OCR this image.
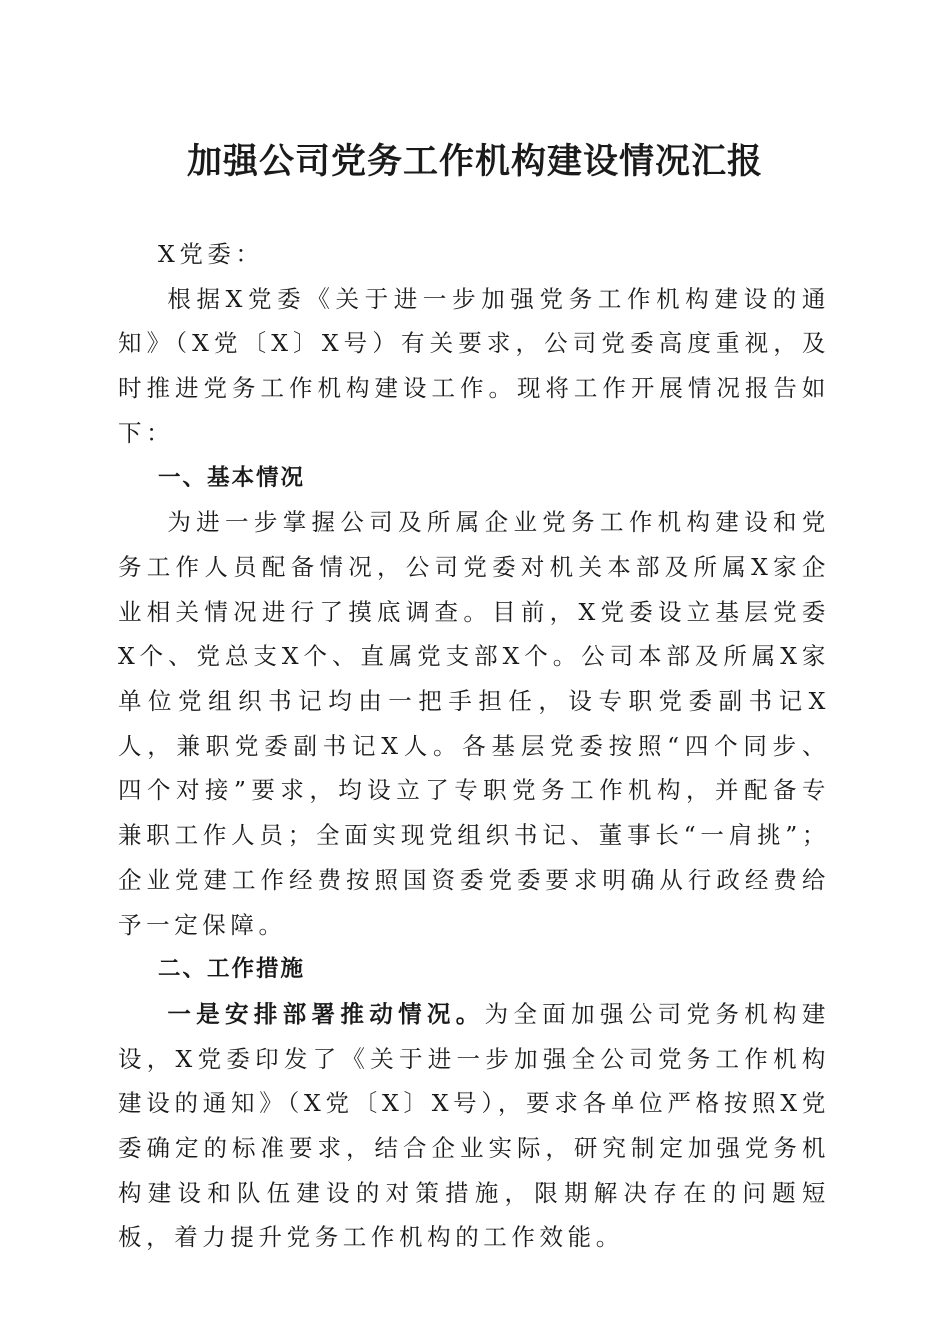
加强公司党务工作机构建设情况汇报

X党委：

根据X党委《关于进一步加强党务工作机构建设的通知》（X党〔X〕X号）有关要求，公司党委高度重视，及时推进党务工作机构建设工作。现将工作开展情况报告如下：

一、基本情况

为进一步掌握公司及所属企业党务工作机构建设和党务工作人员配备情况，公司党委对机关本部及所属X家企业相关情况进行了摸底调查。目前，X党委设立基层党委X个、党总支X个、直属党支部X个。公司本部及所属X家单位党组织书记均由一把手担任，设专职党委副书记X人，兼职党委副书记X人。各基层党委按照“四个同步、四个对接”要求，均设立了专职党务工作机构，并配备专兼职工作人员；全面实现党组织书记、董事长“一肩挑”；企业党建工作经费按照国资委党委要求明确从行政经费给予一定保障。

二、工作措施

一是安排部署推动情况。为全面加强公司党务机构建设，X党委印发了《关于进一步加强全公司党务工作机构建设的通知》（X党〔X〕X号），要求各单位严格按照X党委确定的标准要求，结合企业实际，研究制定加强党务机构建设和队伍建设的对策措施，限期解决存在的问题短板，着力提升党务工作机构的工作效能。
